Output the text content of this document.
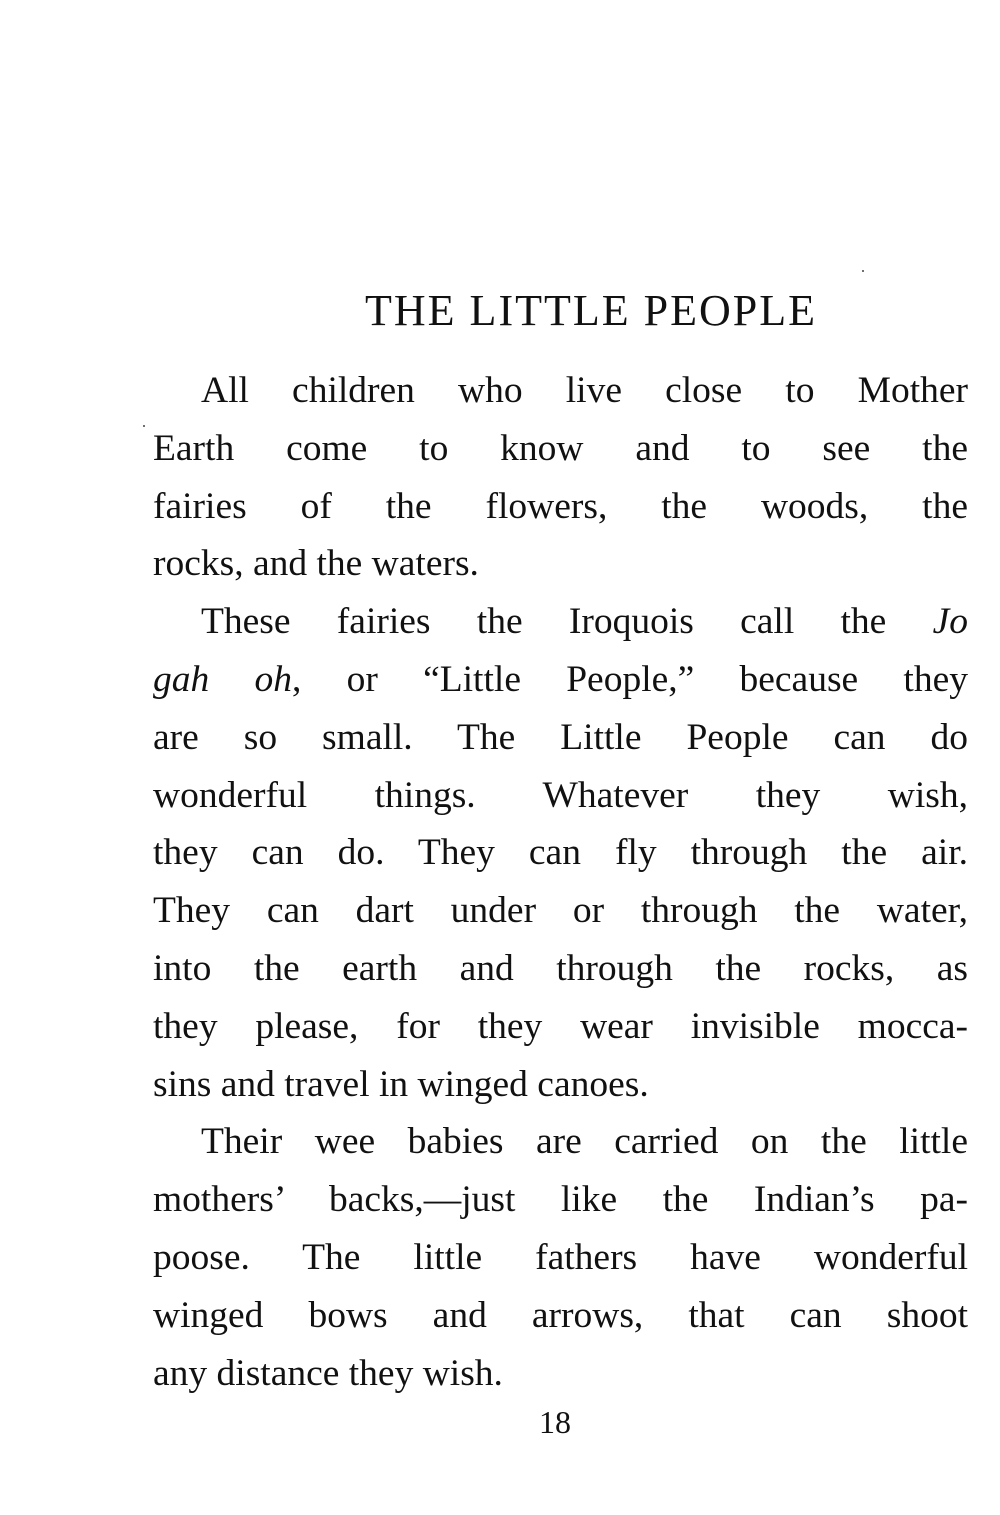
THE LITTLE PEOPLE
All children who live close to Mother
Earth come to know and to see the
fairies of the flowers, the woods, the
rocks, and the waters.
These fairies the Iroquois call the Jo
gah oh, or “Little People,” because they
are so small. The Little People can do
wonderful things. Whatever they wish,
they can do. They can fly through the air.
They can dart under or through the water,
into the earth and through the rocks, as
they please, for they wear invisible mocca-
sins and travel in winged canoes.
Their wee babies are carried on the little
mothers’ backs,—just like the Indian’s pa-
poose. The little fathers have wonderful
winged bows and arrows, that can shoot
any distance they wish.
18
